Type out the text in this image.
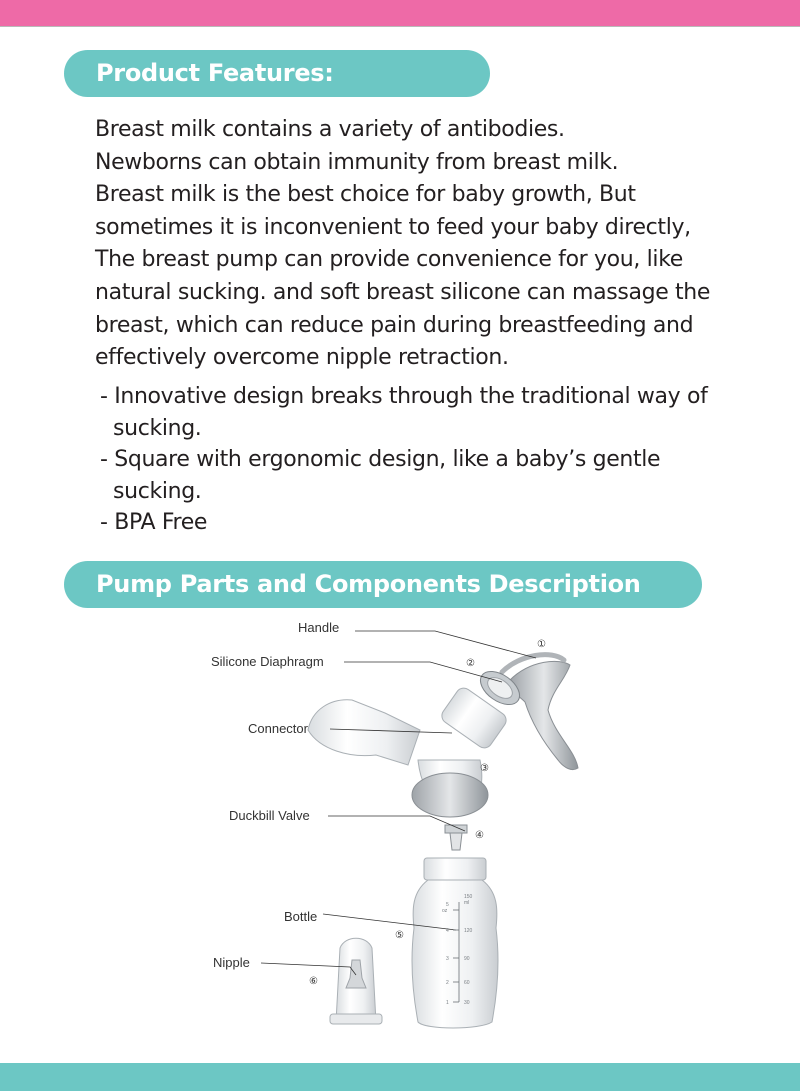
Product Features:
Breast milk contains a variety of antibodies.
Newborns can obtain immunity from breast milk.
Breast milk is the best choice for baby growth, But
sometimes it is inconvenient to feed your baby directly,
The breast pump can provide convenience for you, like
natural sucking. and soft breast silicone can massage the
breast, which can reduce pain during breastfeeding and
effectively overcome nipple retraction.
- Innovative design breaks through the traditional way of
sucking.
- Square with ergonomic design, like a baby’s gentle
sucking.
- BPA Free
Pump Parts and Components Description
oz
ml
5
4
3
2
1
150
120
90
60
30
Handle
Silicone Diaphragm
Connector
Duckbill Valve
Bottle
Nipple
①
②
③
④
⑤
⑥
